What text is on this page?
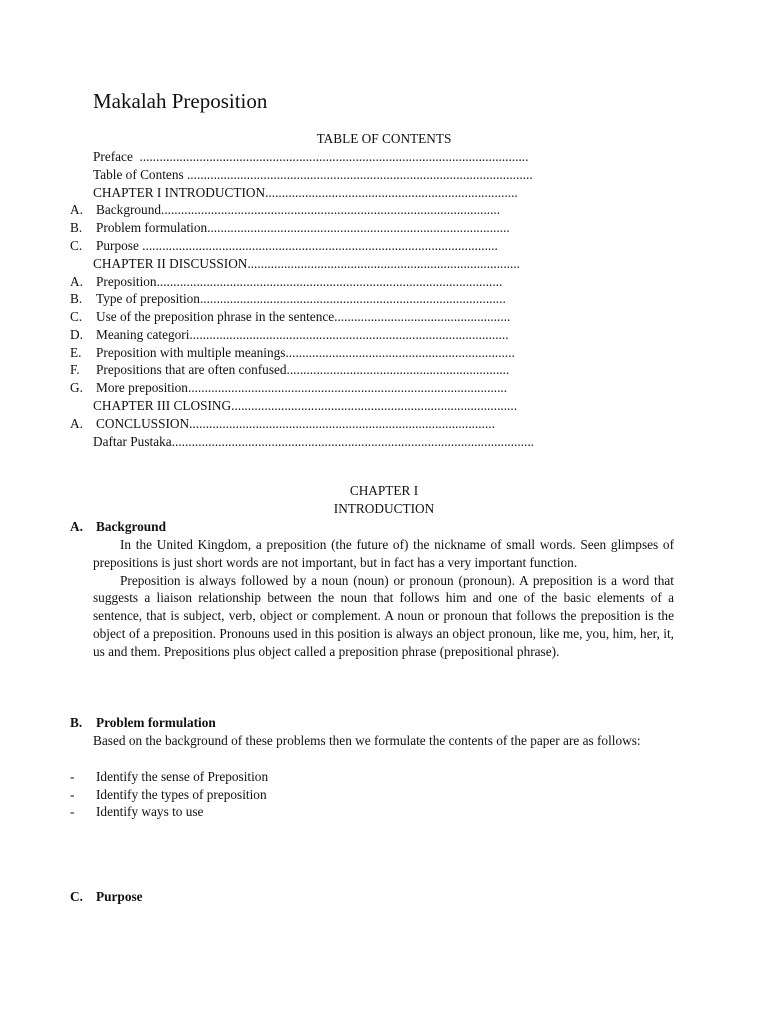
Makalah Preposition
TABLE OF CONTENTS
Preface  .....................................................................................................................
Table of Contens ........................................................................................................
CHAPTER I INTRODUCTION............................................................................
A. Background......................................................................................................
B. Problem formulation...........................................................................................
C. Purpose ...........................................................................................................
CHAPTER II DISCUSSION..................................................................................
A. Preposition........................................................................................................
B. Type of preposition............................................................................................
C. Use of the preposition phrase in the sentence.....................................................
D. Meaning categori................................................................................................
E. Preposition with multiple meanings.....................................................................
F. Prepositions that are often confused...................................................................
G. More preposition................................................................................................
CHAPTER III CLOSING......................................................................................
A. CONCLUSSION............................................................................................
Daftar Pustaka.............................................................................................................
CHAPTER I
INTRODUCTION
A. Background

In the United Kingdom, a preposition (the future of) the nickname of small words. Seen glimpses of prepositions is just short words are not important, but in fact has a very important function.

Preposition is always followed by a noun (noun) or pronoun (pronoun). A preposition is a word that suggests a liaison relationship between the noun that follows him and one of the basic elements of a sentence, that is subject, verb, object or complement. A noun or pronoun that follows the preposition is the object of a preposition. Pronouns used in this position is always an object pronoun, like me, you, him, her, it, us and them. Prepositions plus object called a preposition phrase (prepositional phrase).

B. Problem formulation
Based on the background of these problems then we formulate the contents of the paper are as follows:
- Identify the sense of Preposition
- Identify the types of preposition
- Identify ways to use
C. Purpose
